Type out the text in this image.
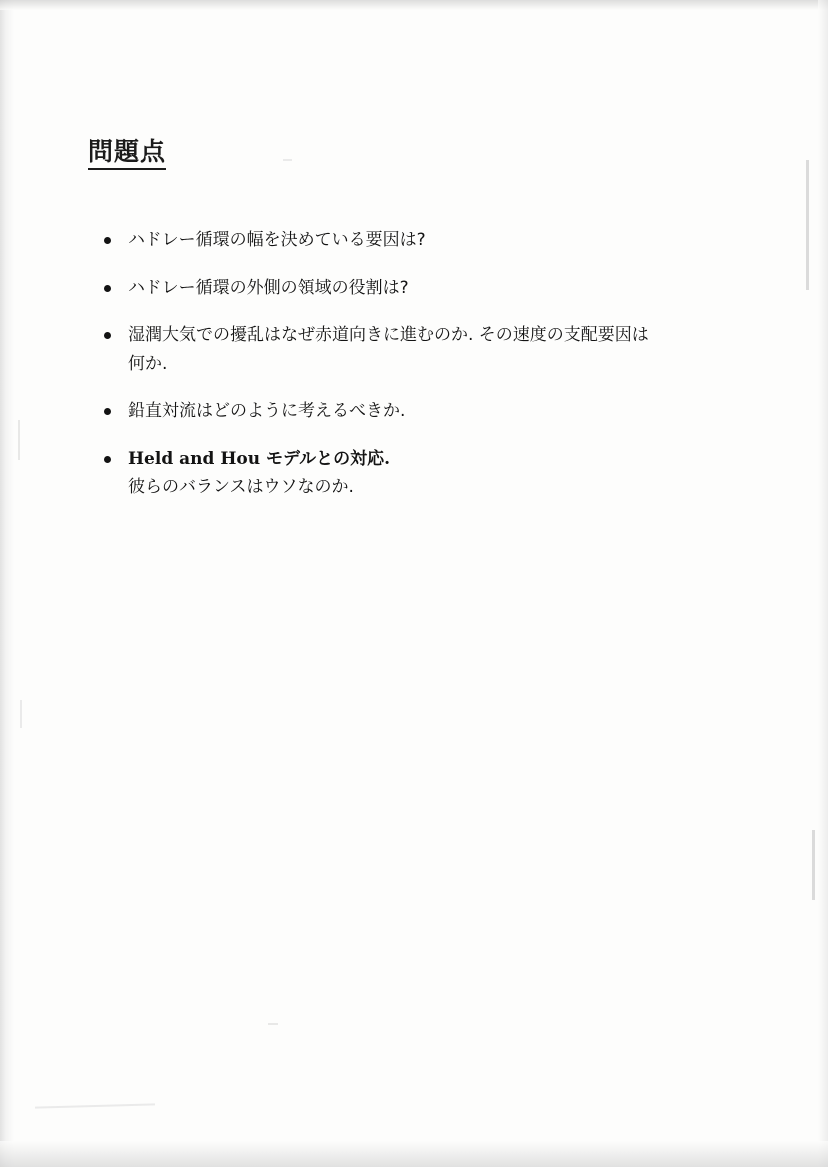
問題点
ハドレー循環の幅を決めている要因は?
ハドレー循環の外側の領域の役割は?
湿潤大気での擾乱はなぜ赤道向きに進むのか. その速度の支配要因は
何か.
鉛直対流はどのように考えるべきか.
Held and Hou モデルとの対応.
彼らのバランスはウソなのか.
